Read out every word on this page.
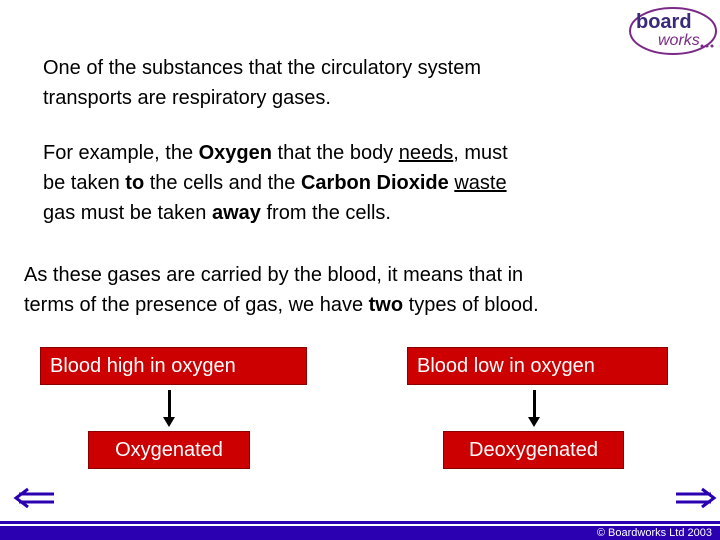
board
works
One of the substances that the circulatory system
transports are respiratory gases.
For example, the Oxygen that the body needs, must
be taken to the cells and the Carbon Dioxide waste
gas must be taken away from the cells.
As these gases are carried by the blood, it means that in
terms of the presence of gas, we have two types of blood.
Blood high in oxygen	Blood low in oxygen
Oxygenated	Deoxygenated
© Boardworks Ltd 2003
